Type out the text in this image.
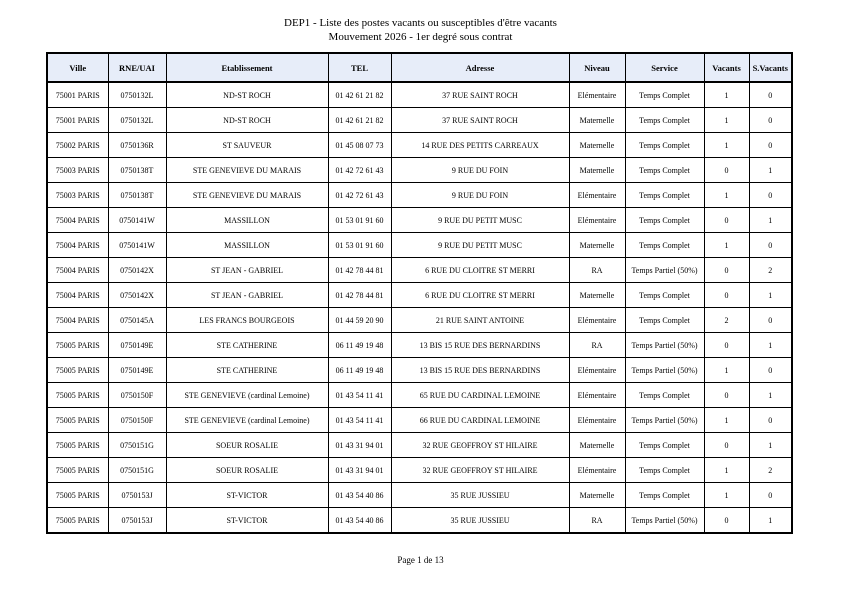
DEP1 - Liste des postes vacants ou susceptibles d'être vacants
Mouvement 2026 - 1er degré sous contrat
Ville	RNE/UAI	Etablissement	TEL	Adresse	Niveau	Service	Vacants	S.Vacants
75001 PARIS	0750132L	ND-ST ROCH	01 42 61 21 82	37 RUE SAINT ROCH	Elémentaire	Temps Complet	1	0
75001 PARIS	0750132L	ND-ST ROCH	01 42 61 21 82	37 RUE SAINT ROCH	Maternelle	Temps Complet	1	0
75002 PARIS	0750136R	ST SAUVEUR	01 45 08 07 73	14 RUE DES PETITS CARREAUX	Maternelle	Temps Complet	1	0
75003 PARIS	0750138T	STE GENEVIEVE DU MARAIS	01 42 72 61 43	9 RUE DU FOIN	Maternelle	Temps Complet	0	1
75003 PARIS	0750138T	STE GENEVIEVE DU MARAIS	01 42 72 61 43	9 RUE DU FOIN	Elémentaire	Temps Complet	1	0
75004 PARIS	0750141W	MASSILLON	01 53 01 91 60	9 RUE DU PETIT MUSC	Elémentaire	Temps Complet	0	1
75004 PARIS	0750141W	MASSILLON	01 53 01 91 60	9 RUE DU PETIT MUSC	Maternelle	Temps Complet	1	0
75004 PARIS	0750142X	ST JEAN - GABRIEL	01 42 78 44 81	6 RUE DU CLOITRE ST MERRI	RA	Temps Partiel (50%)	0	2
75004 PARIS	0750142X	ST JEAN - GABRIEL	01 42 78 44 81	6 RUE DU CLOITRE ST MERRI	Maternelle	Temps Complet	0	1
75004 PARIS	0750145A	LES FRANCS BOURGEOIS	01 44 59 20 90	21 RUE SAINT ANTOINE	Elémentaire	Temps Complet	2	0
75005 PARIS	0750149E	STE CATHERINE	06 11 49 19 48	13 BIS 15 RUE DES BERNARDINS	RA	Temps Partiel (50%)	0	1
75005 PARIS	0750149E	STE CATHERINE	06 11 49 19 48	13 BIS 15 RUE DES BERNARDINS	Elémentaire	Temps Partiel (50%)	1	0
75005 PARIS	0750150F	STE GENEVIEVE (cardinal Lemoine)	01 43 54 11 41	65 RUE DU CARDINAL LEMOINE	Elémentaire	Temps Complet	0	1
75005 PARIS	0750150F	STE GENEVIEVE (cardinal Lemoine)	01 43 54 11 41	66 RUE DU CARDINAL LEMOINE	Elémentaire	Temps Partiel (50%)	1	0
75005 PARIS	0750151G	SOEUR ROSALIE	01 43 31 94 01	32 RUE GEOFFROY ST HILAIRE	Maternelle	Temps Complet	0	1
75005 PARIS	0750151G	SOEUR ROSALIE	01 43 31 94 01	32 RUE GEOFFROY ST HILAIRE	Elémentaire	Temps Complet	1	2
75005 PARIS	0750153J	ST-VICTOR	01 43 54 40 86	35 RUE JUSSIEU	Maternelle	Temps Complet	1	0
75005 PARIS	0750153J	ST-VICTOR	01 43 54 40 86	35 RUE JUSSIEU	RA	Temps Partiel (50%)	0	1
Page 1 de 13
